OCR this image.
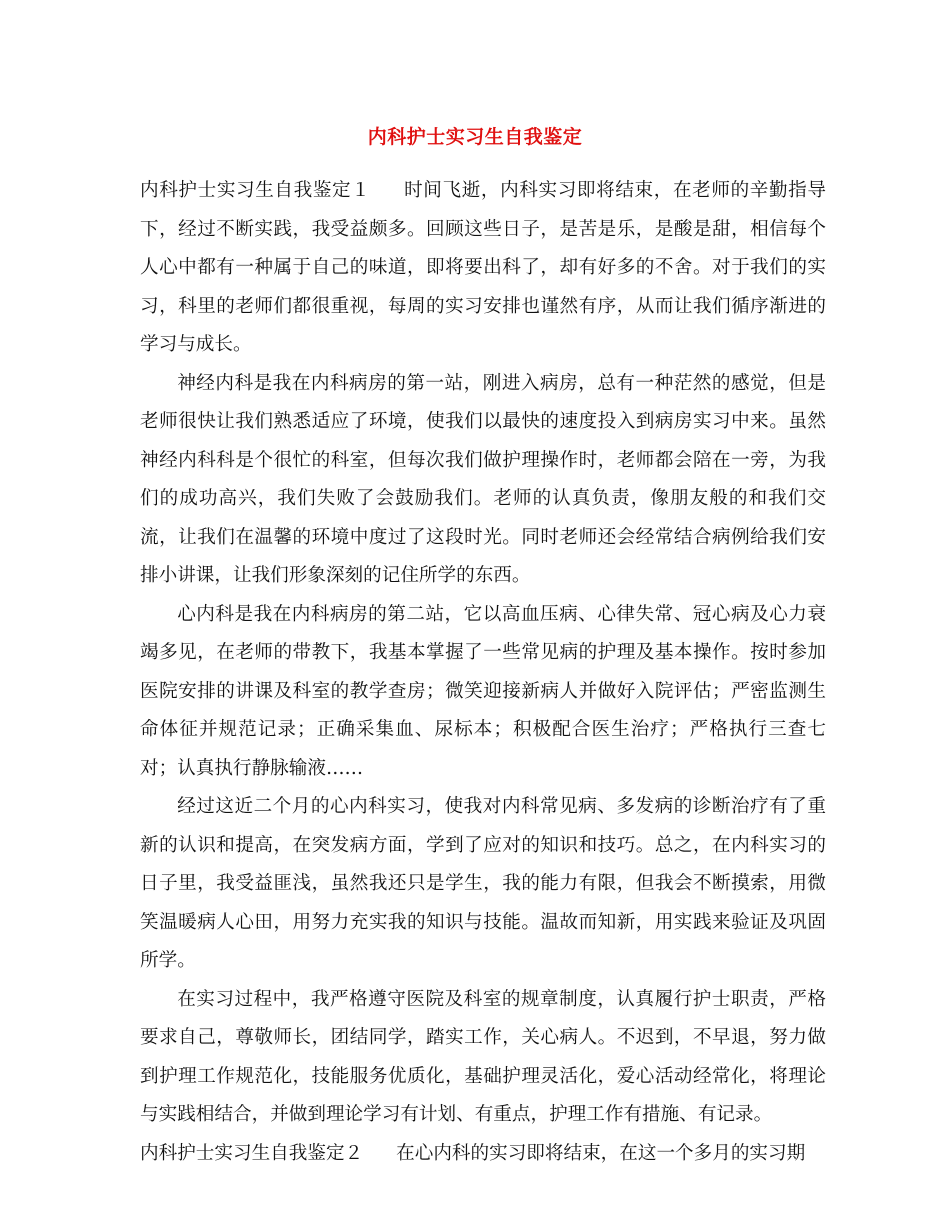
内科护士实习生自我鉴定

内科护士实习生自我鉴定１ 时间飞逝，内科实习即将结束，在老师的辛勤指导下，经过不断实践，我受益颇多。回顾这些日子，是苦是乐，是酸是甜，相信每个人心中都有一种属于自己的味道，即将要出科了，却有好多的不舍。对于我们的实习，科里的老师们都很重视，每周的实习安排也谨然有序，从而让我们循序渐进的学习与成长。

神经内科是我在内科病房的第一站，刚进入病房，总有一种茫然的感觉，但是老师很快让我们熟悉适应了环境，使我们以最快的速度投入到病房实习中来。虽然神经内科科是个很忙的科室，但每次我们做护理操作时，老师都会陪在一旁，为我们的成功高兴，我们失败了会鼓励我们。老师的认真负责，像朋友般的和我们交流，让我们在温馨的环境中度过了这段时光。同时老师还会经常结合病例给我们安排小讲课，让我们形象深刻的记住所学的东西。

心内科是我在内科病房的第二站，它以高血压病、心律失常、冠心病及心力衰竭多见，在老师的带教下，我基本掌握了一些常见病的护理及基本操作。按时参加医院安排的讲课及科室的教学查房；微笑迎接新病人并做好入院评估；严密监测生命体征并规范记录；正确采集血、尿标本；积极配合医生治疗；严格执行三查七对；认真执行静脉输液……

经过这近二个月的心内科实习，使我对内科常见病、多发病的诊断治疗有了重新的认识和提高，在突发病方面，学到了应对的知识和技巧。总之，在内科实习的日子里，我受益匪浅，虽然我还只是学生，我的能力有限，但我会不断摸索，用微笑温暖病人心田，用努力充实我的知识与技能。温故而知新，用实践来验证及巩固所学。

在实习过程中，我严格遵守医院及科室的规章制度，认真履行护士职责，严格要求自己，尊敬师长，团结同学，踏实工作，关心病人。不迟到，不早退，努力做到护理工作规范化，技能服务优质化，基础护理灵活化，爱心活动经常化，将理论与实践相结合，并做到理论学习有计划、有重点，护理工作有措施、有记录。

内科护士实习生自我鉴定２ 在心内科的实习即将结束，在这一个多月的实习期
